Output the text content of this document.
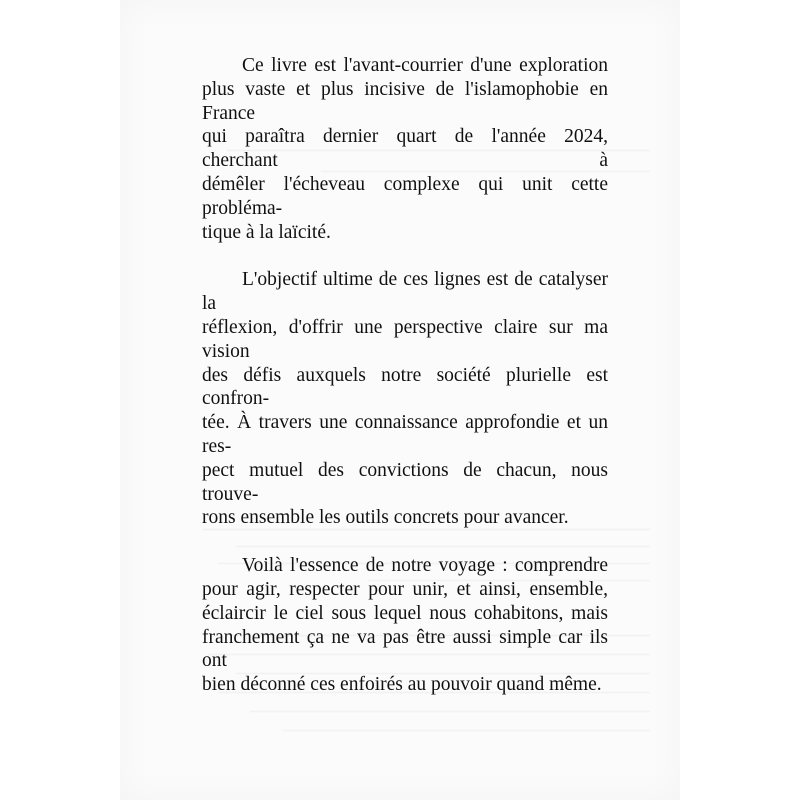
Ce livre est l'avant-courrier d'une exploration
plus vaste et plus incisive de l'islamophobie en France
qui paraîtra dernier quart de l'année 2024, cherchant à
démêler l'écheveau complexe qui unit cette probléma-
tique à la laïcité.

L'objectif ultime de ces lignes est de catalyser la
réflexion, d'offrir une perspective claire sur ma vision
des défis auxquels notre société plurielle est confron-
tée. À travers une connaissance approfondie et un res-
pect mutuel des convictions de chacun, nous trouve-
rons ensemble les outils concrets pour avancer.

Voilà l'essence de notre voyage : comprendre
pour agir, respecter pour unir, et ainsi, ensemble,
éclaircir le ciel sous lequel nous cohabitons, mais
franchement ça ne va pas être aussi simple car ils ont
bien déconné ces enfoirés au pouvoir quand même.
